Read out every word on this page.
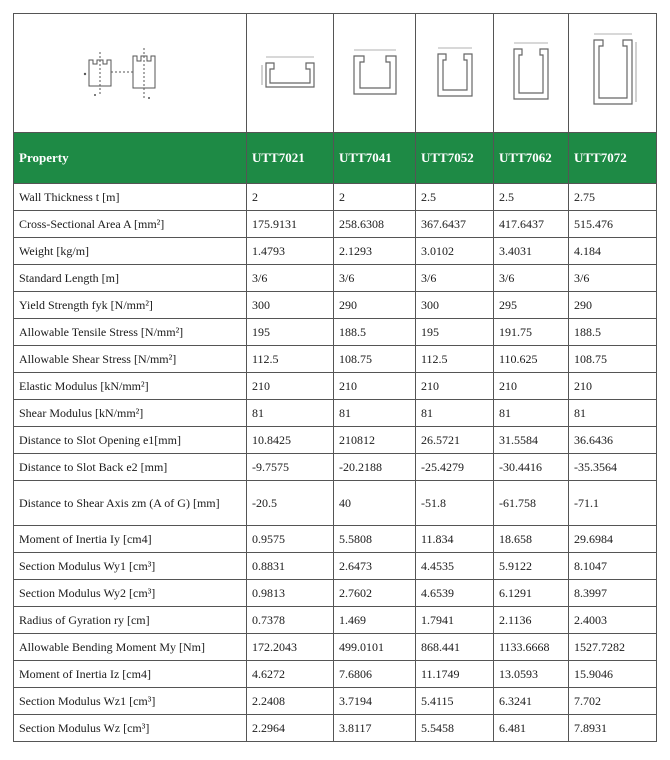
Property	UTT7021	UTT7041	UTT7052	UTT7062	UTT7072
Wall Thickness t [m]	2	2	2.5	2.5	2.75
Cross-Sectional Area A [mm²]	175.9131	258.6308	367.6437	417.6437	515.476
Weight [kg/m]	1.4793	2.1293	3.0102	3.4031	4.184
Standard Length [m]	3/6	3/6	3/6	3/6	3/6
Yield Strength fyk [N/mm²]	300	290	300	295	290
Allowable Tensile Stress [N/mm²]	195	188.5	195	191.75	188.5
Allowable Shear Stress [N/mm²]	112.5	108.75	112.5	110.625	108.75
Elastic Modulus [kN/mm²]	210	210	210	210	210
Shear Modulus [kN/mm²]	81	81	81	81	81
Distance to Slot Opening e1[mm]	10.8425	210812	26.5721	31.5584	36.6436
Distance to Slot Back e2 [mm]	-9.7575	-20.2188	-25.4279	-30.4416	-35.3564
Distance to Shear Axis zm (A of G) [mm]	-20.5	40	-51.8	-61.758	-71.1
Moment of Inertia Iy [cm4]	0.9575	5.5808	11.834	18.658	29.6984
Section Modulus Wy1 [cm³]	0.8831	2.6473	4.4535	5.9122	8.1047
Section Modulus Wy2 [cm³]	0.9813	2.7602	4.6539	6.1291	8.3997
Radius of Gyration ry [cm]	0.7378	1.469	1.7941	2.1136	2.4003
Allowable Bending Moment My [Nm]	172.2043	499.0101	868.441	1133.6668	1527.7282
Moment of Inertia Iz [cm4]	4.6272	7.6806	11.1749	13.0593	15.9046
Section Modulus Wz1 [cm³]	2.2408	3.7194	5.4115	6.3241	7.702
Section Modulus Wz [cm³]	2.2964	3.8117	5.5458	6.481	7.8931
